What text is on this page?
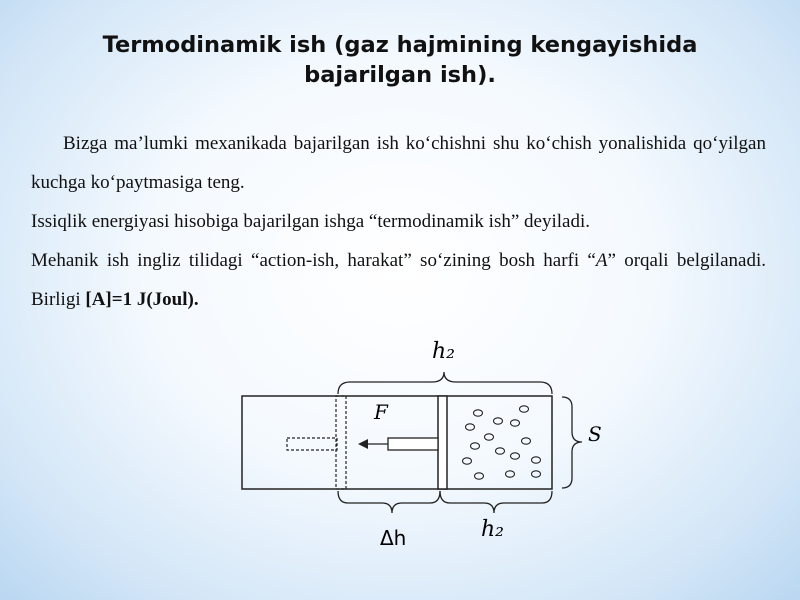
Termodinamik ish (gaz hajmining kengayishida bajarilgan ish).

Bizga ma’lumki mexanikada bajarilgan ish ko‘chishni shu ko‘chish yonalishida qo‘yilgan kuchga ko‘paytmasiga teng.

Issiqlik energiyasi hisobiga bajarilgan ishga “termodinamik ish” deyiladi.

Mehanik ish ingliz tilidagi “action-ish, harakat” so‘zining bosh harfi “A” orqali belgilanadi. Birligi [A]=1 J(Joul).

h₂
F
S
Δh	h₂
